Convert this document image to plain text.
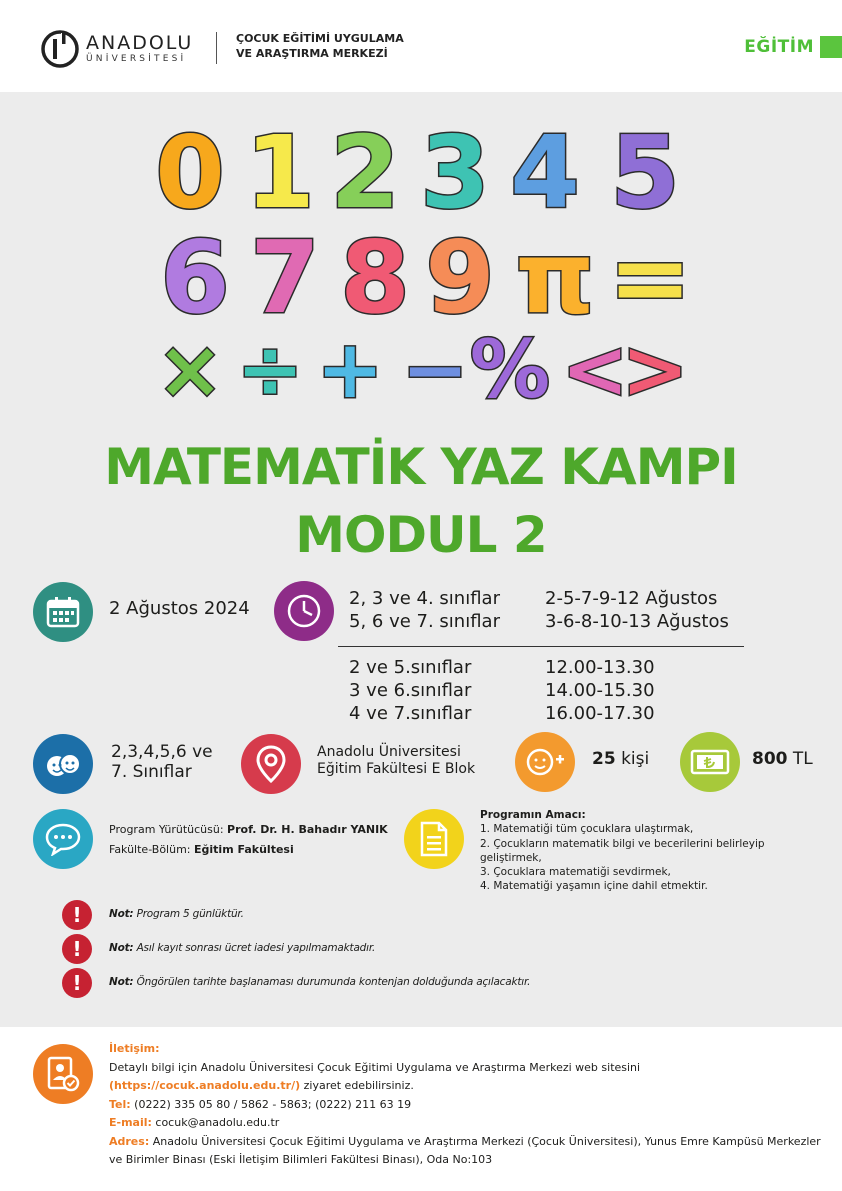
ANADOLU
ÜNİVERSİTESİ
ÇOCUK EĞİTİMİ UYGULAMA
VE ARAŞTIRMA MERKEZİ	EĞİTİM
0 1 2 3 4 5
6 7 8 9 π =
× ÷ + − % <
>
MATEMATİK YAZ KAMPI
MODUL 2
2 Ağustos 2024	2, 3 ve 4. sınıflar	2-5-7-9-12 Ağustos
5, 6 ve 7. sınıflar	3-6-8-10-13 Ağustos
2 ve 5.sınıflar	12.00-13.30
3 ve 6.sınıflar	14.00-15.30
4 ve 7.sınıflar	16.00-17.30
2,3,4,5,6 ve
7. Sınıflar
Anadolu Üniversitesi
Eğitim Fakültesi E Blok	25 kişi	800 TL
Program Yürütücüsü: Prof. Dr. H. Bahadır YANIK
Fakülte-Bölüm: Eğitim Fakültesi
Programın Amacı:
1. Matematiği tüm çocuklara ulaştırmak,
2. Çocukların matematik bilgi ve becerilerini belirleyip geliştirmek,
3. Çocuklara matematiği sevdirmek,
4. Matematiği yaşamın içine dahil etmektir.
!	Not: Program 5 günlüktür.
!	Not: Asıl kayıt sonrası ücret iadesi yapılmamaktadır.
!	Not: Öngörülen tarihte başlanaması durumunda kontenjan dolduğunda açılacaktır.
İletişim:
Detaylı bilgi için Anadolu Üniversitesi Çocuk Eğitimi Uygulama ve Araştırma Merkezi web sitesini
(https://cocuk.anadolu.edu.tr/) ziyaret edebilirsiniz.
Tel: (0222) 335 05 80 / 5862 - 5863; (0222) 211 63 19
E-mail: cocuk@anadolu.edu.tr
Adres: Anadolu Üniversitesi Çocuk Eğitimi Uygulama ve Araştırma Merkezi (Çocuk Üniversitesi), Yunus Emre Kampüsü Merkezler ve Birimler Binası (Eski İletişim Bilimleri Fakültesi Binası), Oda No:103
